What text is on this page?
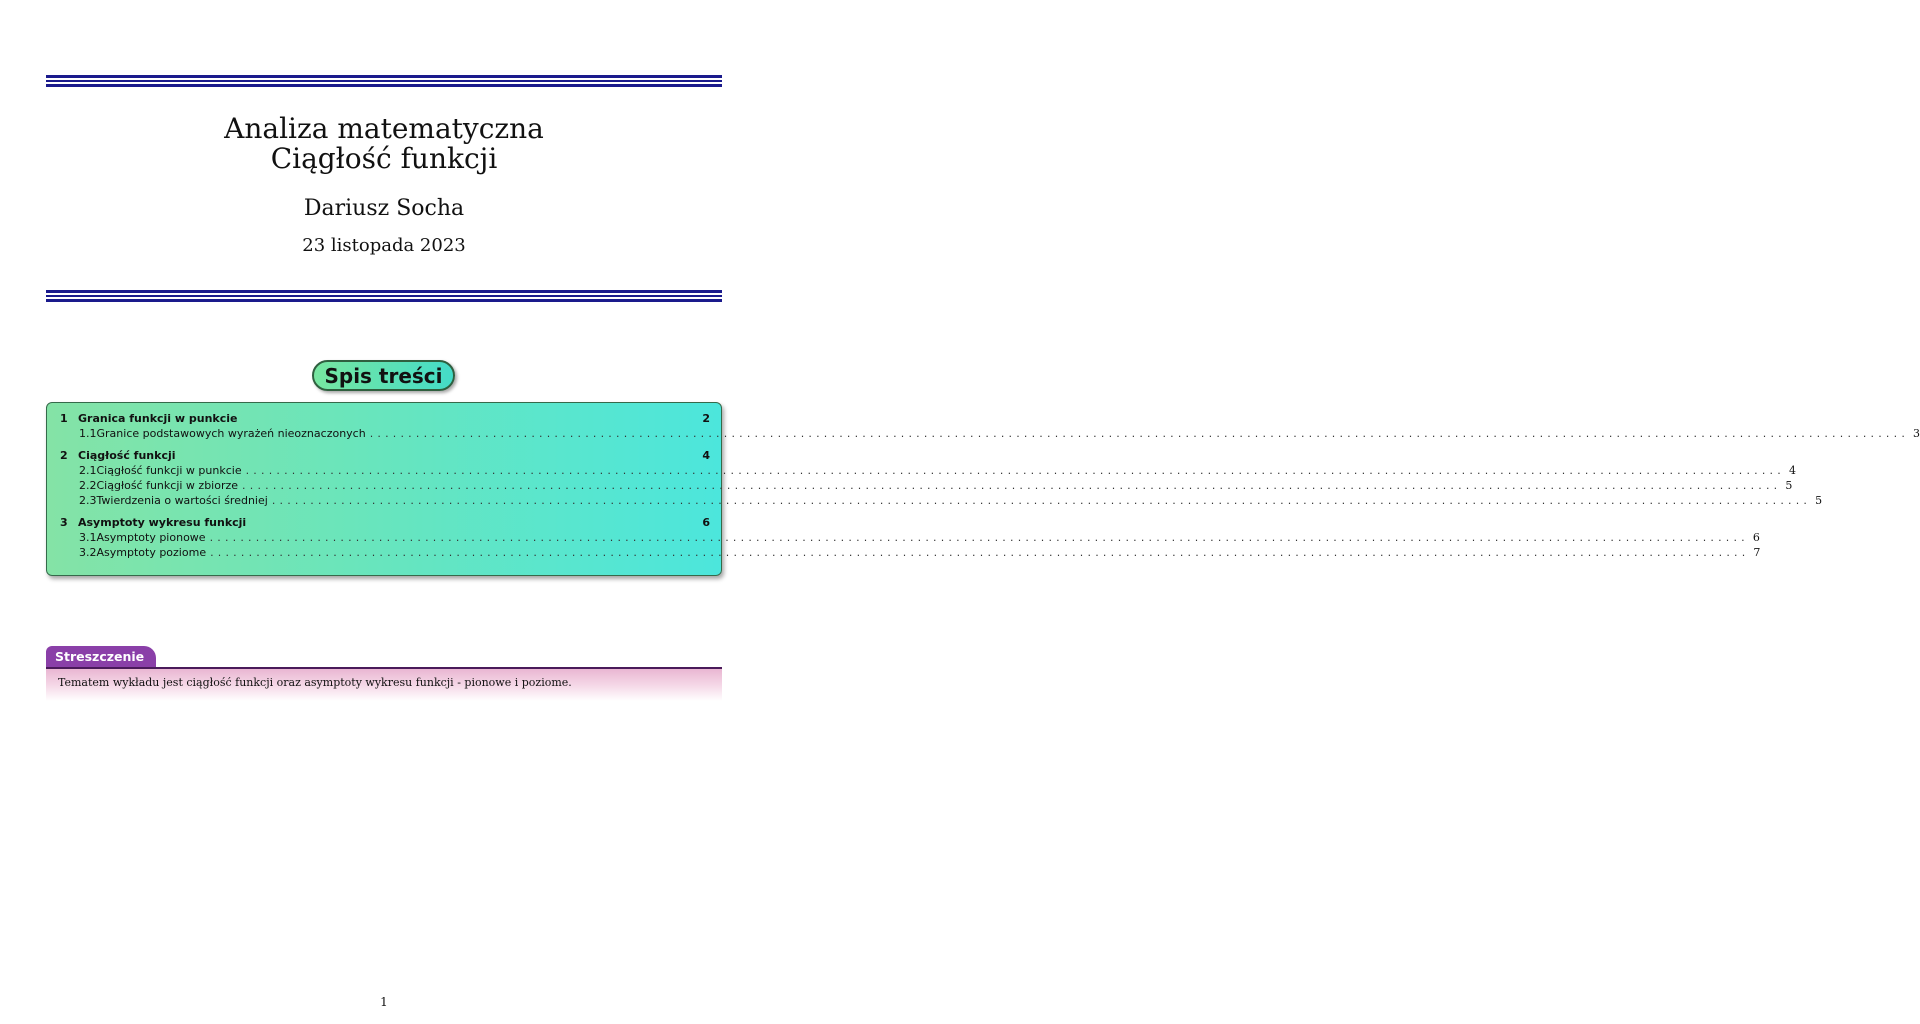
Analiza matematyczna
Ciągłość funkcji
Dariusz Socha
23 listopada 2023
Spis treści
1 Granica funkcji w punkcie	2
1.1 Granice podstawowych wyrażeń nieoznaczonych ........................................................................................................................................................................................................ 3
2 Ciągłość funkcji	4
2.1 Ciągłość funkcji w punkcie ........................................................................................................................................................................................................ 4
2.2 Ciągłość funkcji w zbiorze ........................................................................................................................................................................................................ 5
2.3 Twierdzenia o wartości średniej ........................................................................................................................................................................................................ 5
3 Asymptoty wykresu funkcji	6
3.1 Asymptoty pionowe ........................................................................................................................................................................................................ 6
3.2 Asymptoty poziome ........................................................................................................................................................................................................ 7
Streszczenie
Tematem wykładu jest ciągłość funkcji oraz asymptoty wykresu funkcji - pionowe i poziome.
1
